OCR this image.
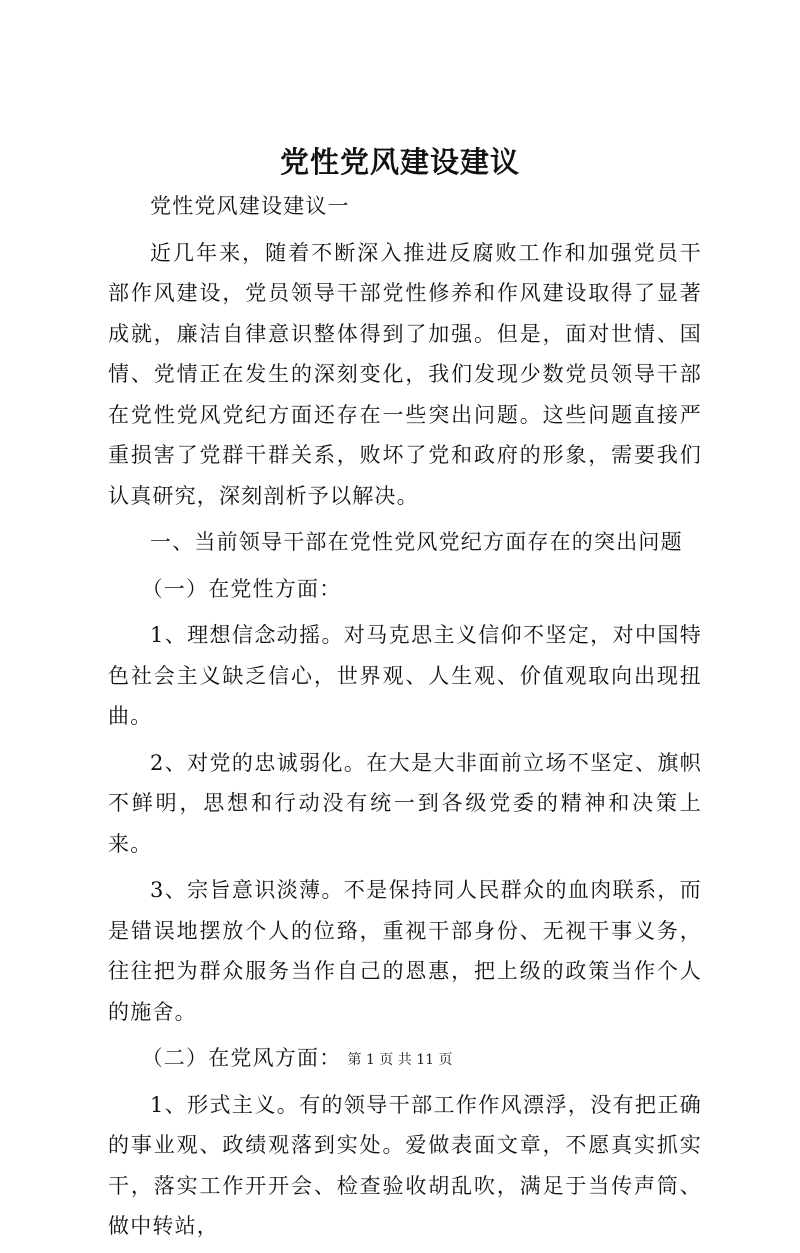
党性党风建设建议

党性党风建设建议一

近几年来，随着不断深入推进反腐败工作和加强党员干部作风建设，党员领导干部党性修养和作风建设取得了显著成就，廉洁自律意识整体得到了加强。但是，面对世情、国情、党情正在发生的深刻变化，我们发现少数党员领导干部在党性党风党纪方面还存在一些突出问题。这些问题直接严重损害了党群干群关系，败坏了党和政府的形象，需要我们认真研究，深刻剖析予以解决。

一、当前领导干部在党性党风党纪方面存在的突出问题

（一）在党性方面：

1、理想信念动摇。对马克思主义信仰不坚定，对中国特色社会主义缺乏信心，世界观、人生观、价值观取向出现扭曲。

2、对党的忠诚弱化。在大是大非面前立场不坚定、旗帜不鲜明，思想和行动没有统一到各级党委的精神和决策上来。

3、宗旨意识淡薄。不是保持同人民群众的血肉联系，而是错误地摆放个人的位臵，重视干部身份、无视干事义务，往往把为群众服务当作自己的恩惠，把上级的政策当作个人的施舍。

（二）在党风方面：

1、形式主义。有的领导干部工作作风漂浮，没有把正确的事业观、政绩观落到实处。爱做表面文章，不愿真实抓实干，落实工作开开会、检查验收胡乱吹，满足于当传声筒、做中转站，

第 1 页 共 11 页
